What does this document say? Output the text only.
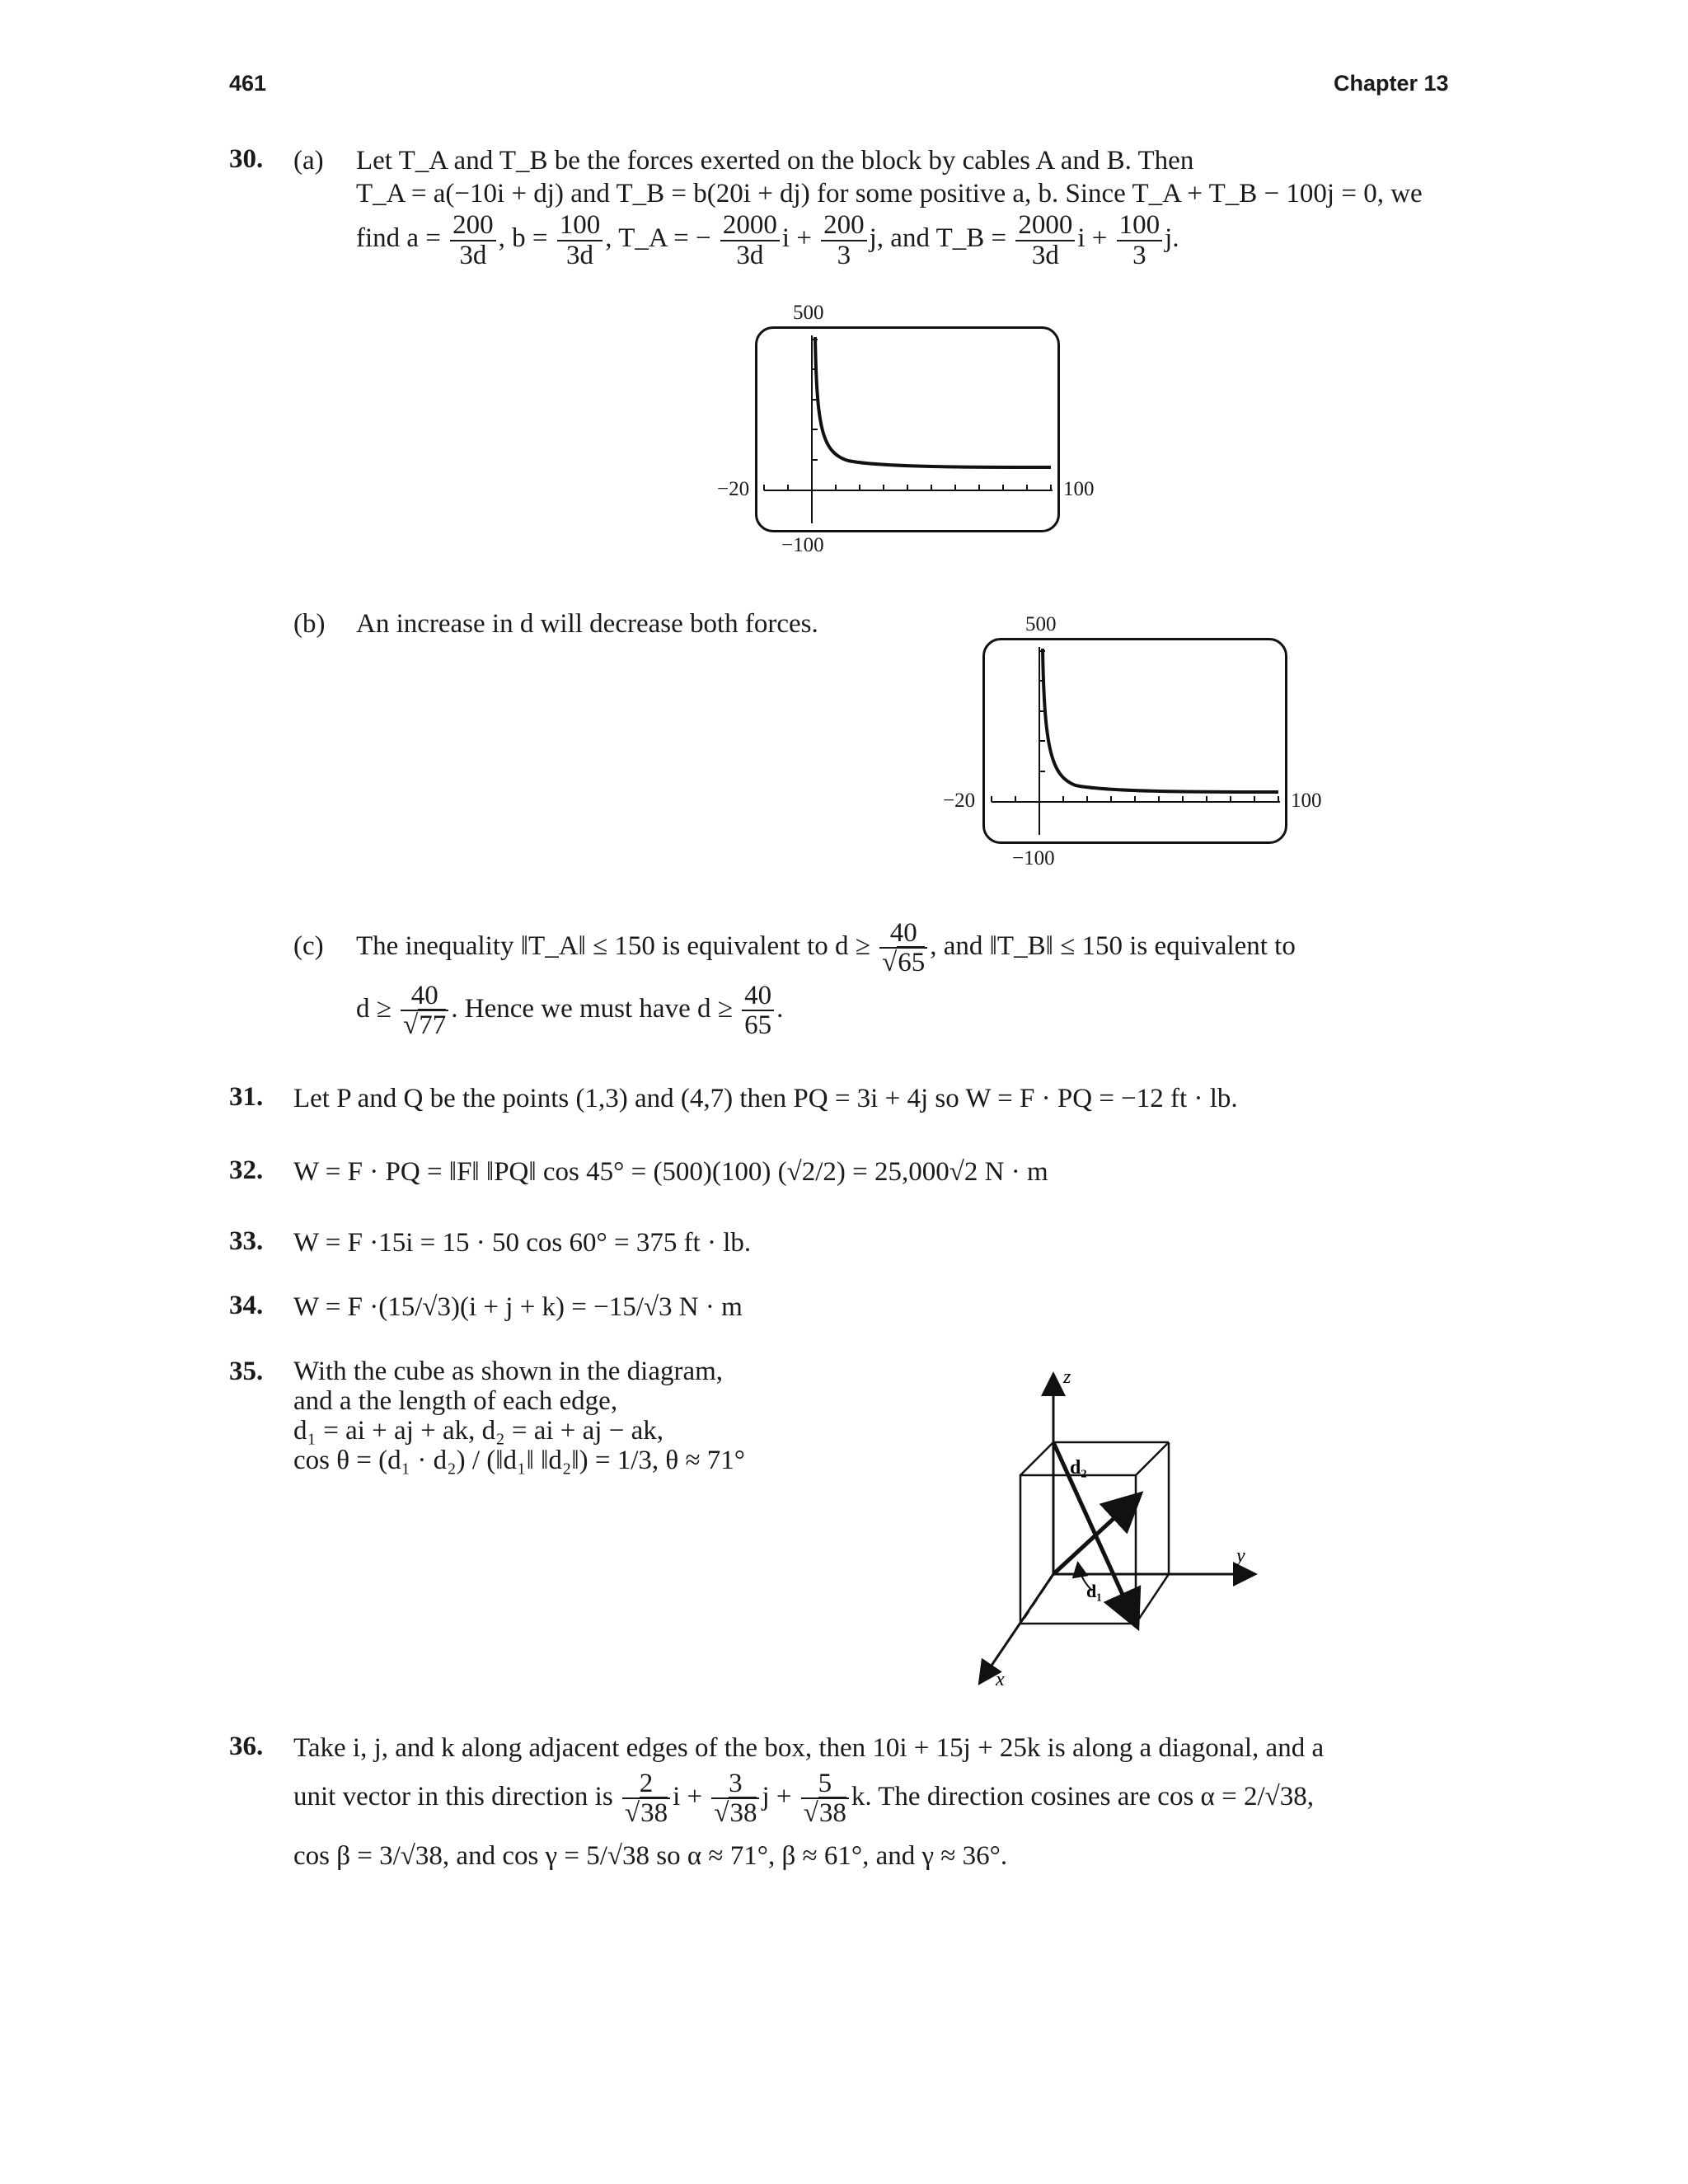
461	Chapter 13
30. (a) Let T_A and T_B be the forces exerted on the block by cables A and B. Then
T_A = a(−10i + dj) and T_B = b(20i + dj) for some positive a, b. Since T_A + T_B − 100j = 0, we
find $a = \frac{200}{3d}$ , $b = \frac{100}{3d}$ , T_A = − $\frac{2000}{3d}$ $i + \frac{200}{3} j$, and T_B = $\frac{2000}{3d}$ $i + \frac{100}{3} j$.
500
−20	100
−100
(b) An increase in d will decrease both forces.	500
−20	100
−100
(c) The inequality ‖T_A‖ ≤ 150 is equivalent to $d \ge \frac{40}{√65}$ , and ‖T_B‖ ≤ 150 is equivalent to
$d \ge \frac{40}{√77}$ . Hence we must have $d \ge \frac{40}{65}$ .
31. Let P and Q be the points (1,3) and (4,7) then PQ = 3i + 4j so W = F · PQ = −12 ft · lb.
32. W = F · PQ = ‖F‖ ‖PQ‖ cos 45° = (500)(100) (√2/2) = 25,000√2 N · m
33. W = F ·15i = 15 · 50 cos 60° = 375 ft · lb.
34. W = F ·(15/√3)(i + j + k) = −15/√3 N · m
35. With the cube as shown in the diagram,
and a the length of each edge,
d₁ = ai + aj + ak, d₂ = ai + aj − ak,
cos θ = (d₁ · d₂) / (‖d₁‖ ‖d₂‖) = 1/3, θ ≈ 71°
z
y
x
d₂
d₁
36. Take i, j, and k along adjacent edges of the box, then 10i + 15j + 25k is along a diagonal, and a
unit vector in this direction is $\frac{2}{√38}$ $i + \frac{3}{√38}$ $j + \frac{5}{√38} k$. The direction cosines are cos α = 2/√38,
cos β = 3/√38, and cos γ = 5/√38 so α ≈ 71°, β ≈ 61°, and γ ≈ 36°.
